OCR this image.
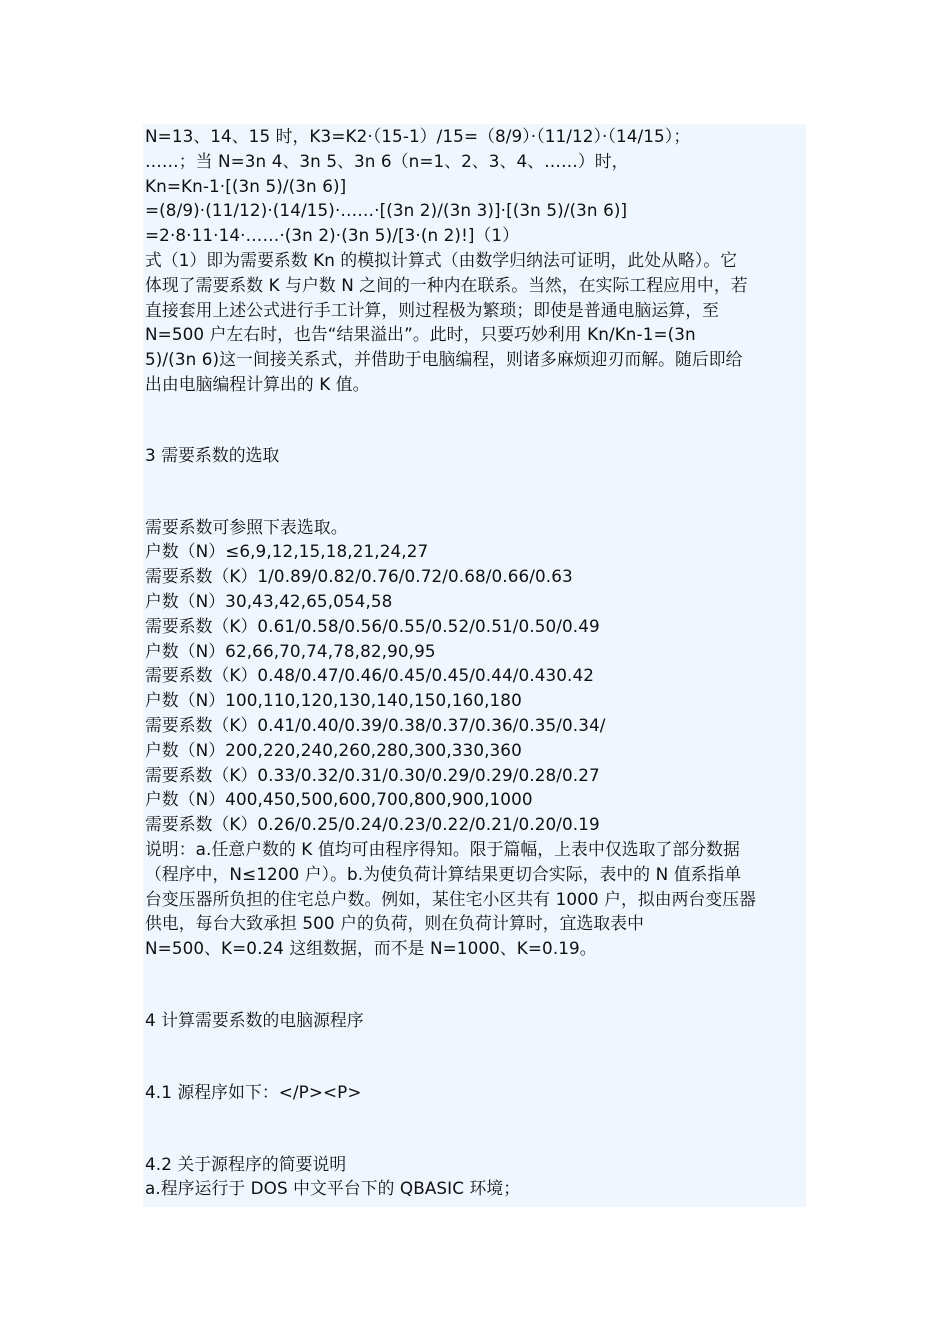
N=13、14、15 时，K3=K2·（15-1）/15=（8/9）·（11/12）·（14/15）；
……；当 N=3n 4、3n 5、3n 6（n=1、2、3、4、……）时，
Kn=Kn-1·[(3n 5)/(3n 6)]
=(8/9)·(11/12)·(14/15)·……·[(3n 2)/(3n 3)]·[(3n 5)/(3n 6)]
=2·8·11·14·……·(3n 2)·(3n 5)/[3·(n 2)!]（1）
式（1）即为需要系数 Kn 的模拟计算式（由数学归纳法可证明，此处从略）。它
体现了需要系数 K 与户数 N 之间的一种内在联系。当然，在实际工程应用中，若
直接套用上述公式进行手工计算，则过程极为繁琐；即使是普通电脑运算，至
N=500 户左右时，也告“结果溢出”。此时，只要巧妙利用 Kn/Kn-1=(3n
5)/(3n 6)这一间接关系式，并借助于电脑编程，则诸多麻烦迎刃而解。随后即给
出由电脑编程计算出的 K 值。
3 需要系数的选取
需要系数可参照下表选取。
户数（N）≤6,9,12,15,18,21,24,27
需要系数（K）1/0.89/0.82/0.76/0.72/0.68/0.66/0.63
户数（N）30,43,42,65,054,58
需要系数（K）0.61/0.58/0.56/0.55/0.52/0.51/0.50/0.49
户数（N）62,66,70,74,78,82,90,95
需要系数（K）0.48/0.47/0.46/0.45/0.45/0.44/0.430.42
户数（N）100,110,120,130,140,150,160,180
需要系数（K）0.41/0.40/0.39/0.38/0.37/0.36/0.35/0.34/
户数（N）200,220,240,260,280,300,330,360
需要系数（K）0.33/0.32/0.31/0.30/0.29/0.29/0.28/0.27
户数（N）400,450,500,600,700,800,900,1000
需要系数（K）0.26/0.25/0.24/0.23/0.22/0.21/0.20/0.19
说明：a.任意户数的 K 值均可由程序得知。限于篇幅，上表中仅选取了部分数据
（程序中，N≤1200 户）。b.为使负荷计算结果更切合实际，表中的 N 值系指单
台变压器所负担的住宅总户数。例如，某住宅小区共有 1000 户，拟由两台变压器
供电，每台大致承担 500 户的负荷，则在负荷计算时，宜选取表中
N=500、K=0.24 这组数据，而不是 N=1000、K=0.19。
4 计算需要系数的电脑源程序
4.1 源程序如下：</P><P>
4.2 关于源程序的简要说明
a.程序运行于 DOS 中文平台下的 QBASIC 环境；
